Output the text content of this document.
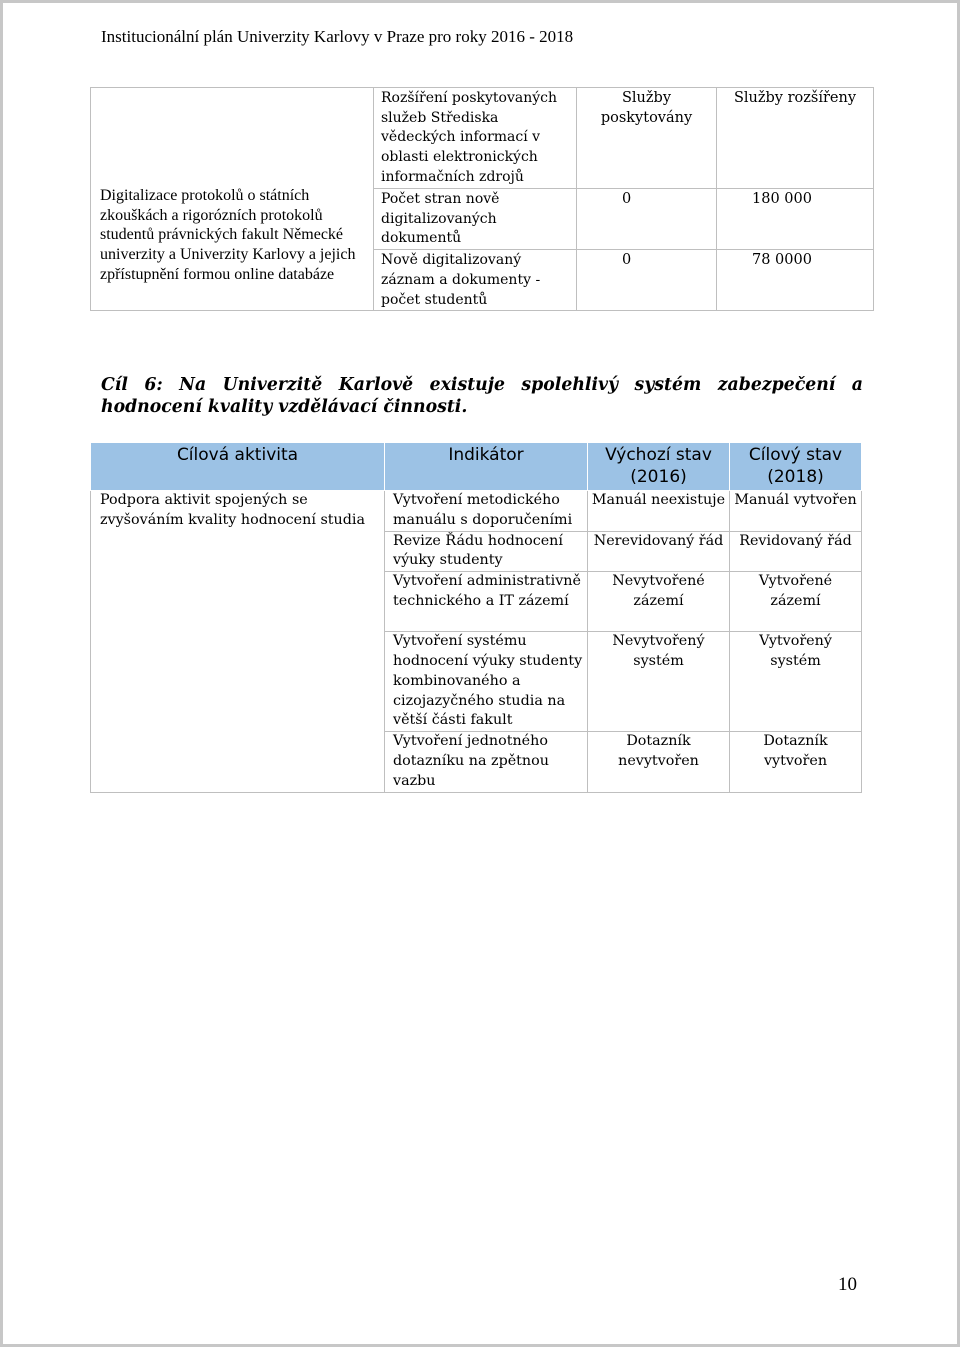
Institucionální plán Univerzity Karlovy v Praze pro roky 2016 - 2018
Digitalizace protokolů o státních zkouškách a rigorózních protokolů studentů právnických fakult Německé univerzity a Univerzity Karlovy a jejich zpřístupnění formou online databáze	Rozšíření poskytovaných služeb Střediska vědeckých informací v oblasti elektronických informačních zdrojů	Služby poskytovány	Služby rozšířeny
	Počet stran nově digitalizovaných dokumentů	0	180 000
	Nově digitalizovaný záznam a dokumenty - počet studentů	0	78 0000
Cíl 6: Na Univerzitě Karlově existuje spolehlivý systém zabezpečení a hodnocení kvality vzdělávací činnosti.
Cílová aktivita	Indikátor	Výchozí stav (2016)	Cílový stav (2018)
Podpora aktivit spojených se zvyšováním kvality hodnocení studia	Vytvoření metodického manuálu s doporučeními	Manuál neexistuje	Manuál vytvořen
	Revize Řádu hodnocení výuky studenty	Nerevidovaný řád	Revidovaný řád
	Vytvoření administrativně technického a IT zázemí	Nevytvořené zázemí	Vytvořené zázemí
	Vytvoření systému hodnocení výuky studenty kombinovaného a cizojazyčného studia na větší části fakult	Nevytvořený systém	Vytvořený systém
	Vytvoření jednotného dotazníku na zpětnou vazbu	Dotazník nevytvořen	Dotazník vytvořen
10
